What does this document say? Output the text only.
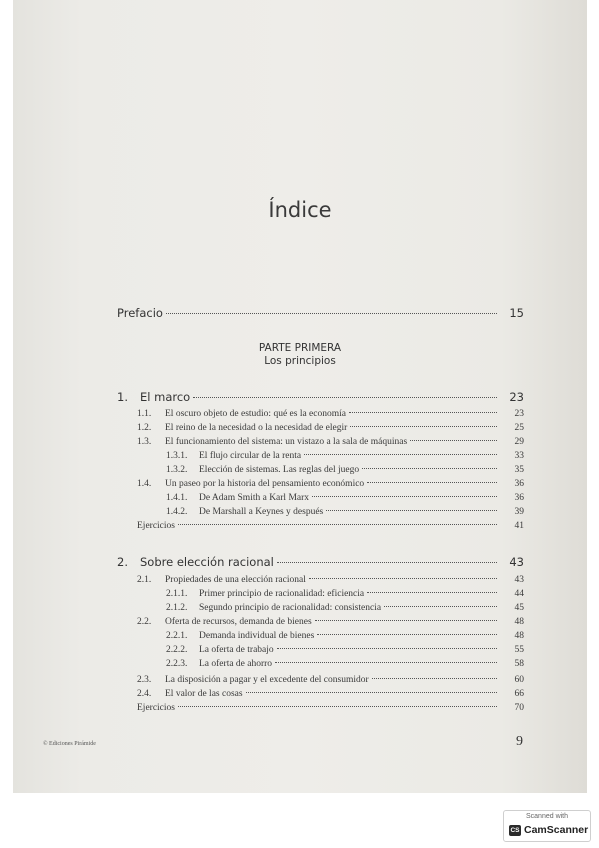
Índice
Prefacio	15
PARTE PRIMERA
Los principios
1.	El marco	23
1.1.	El oscuro objeto de estudio: qué es la economía	23
1.2.	El reino de la necesidad o la necesidad de elegir	25
1.3.	El funcionamiento del sistema: un vistazo a la sala de máquinas	29
1.3.1.	El flujo circular de la renta	33
1.3.2.	Elección de sistemas. Las reglas del juego	35
1.4.	Un paseo por la historia del pensamiento económico	36
1.4.1.	De Adam Smith a Karl Marx	36
1.4.2.	De Marshall a Keynes y después	39
Ejercicios	41
2.	Sobre elección racional	43
2.1.	Propiedades de una elección racional	43
2.1.1.	Primer principio de racionalidad: eficiencia	44
2.1.2.	Segundo principio de racionalidad: consistencia	45
2.2.	Oferta de recursos, demanda de bienes	48
2.2.1.	Demanda individual de bienes	48
2.2.2.	La oferta de trabajo	55
2.2.3.	La oferta de ahorro	58
2.3.	La disposición a pagar y el excedente del consumidor	60
2.4.	El valor de las cosas	66
Ejercicios	70
© Ediciones Pirámide	9
Scanned with
CS CamScanner
